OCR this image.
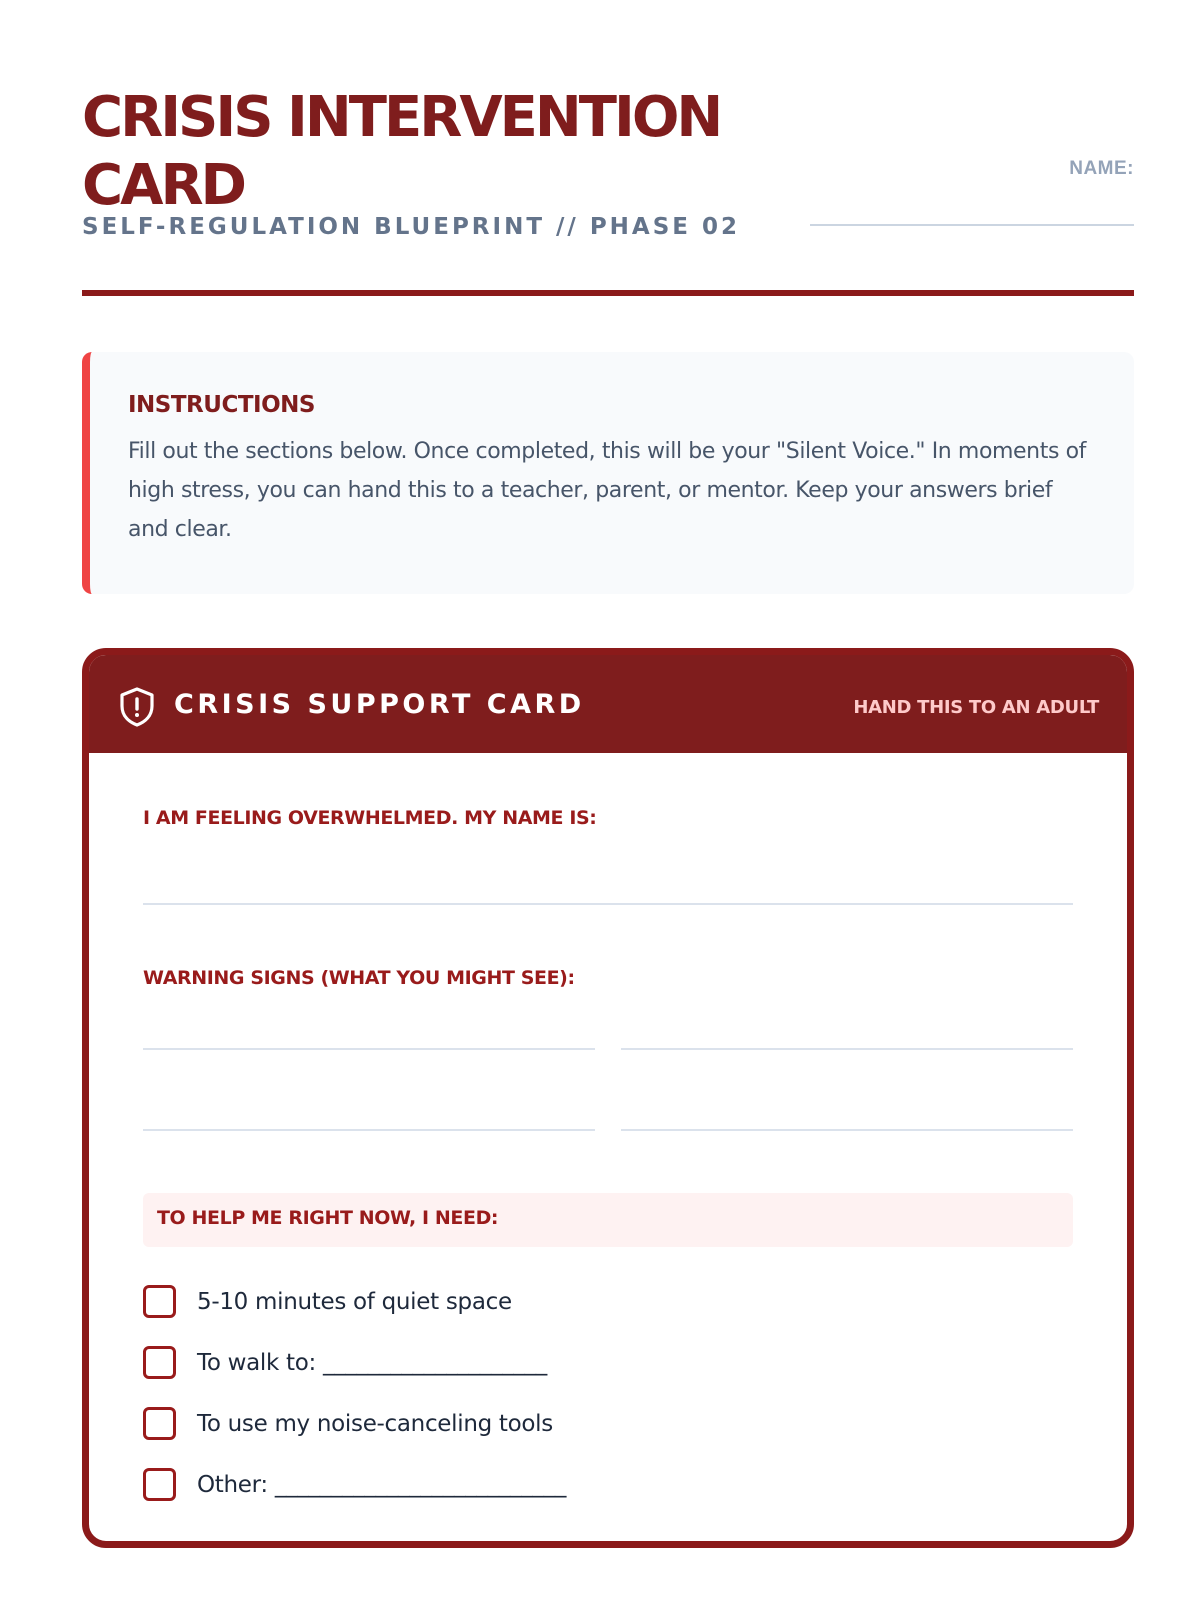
CRISIS INTERVENTION CARD
SELF-REGULATION BLUEPRINT // PHASE 02
NAME:
INSTRUCTIONS
Fill out the sections below. Once completed, this will be your "Silent Voice." In moments of high stress, you can hand this to a teacher, parent, or mentor. Keep your answers brief and clear.
CRISIS SUPPORT CARD	HAND THIS TO AN ADULT
I AM FEELING OVERWHELMED. MY NAME IS:
WARNING SIGNS (WHAT YOU MIGHT SEE):
TO HELP ME RIGHT NOW, I NEED:
5-10 minutes of quiet space
To walk to: ____________________
To use my noise-canceling tools
Other: __________________________
